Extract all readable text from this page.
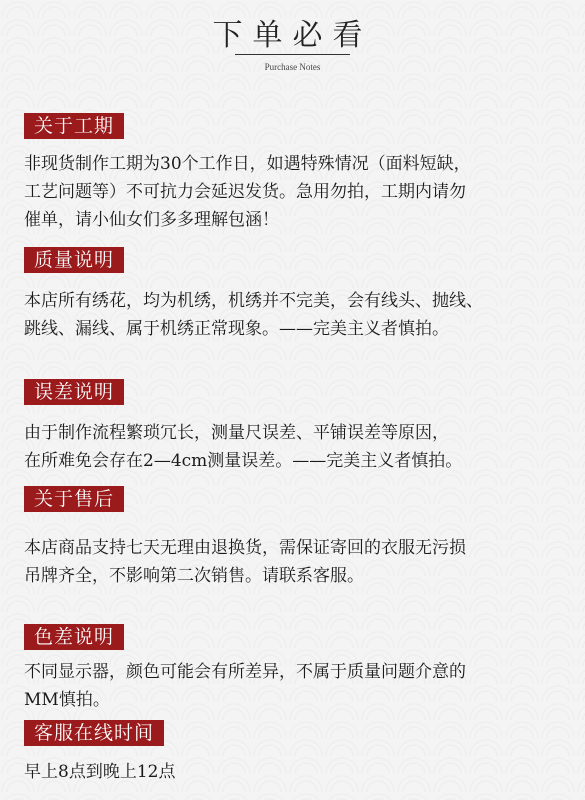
下单必看
Purchase Notes
关于工期
非现货制作工期为30个工作日，如遇特殊情况（面料短缺，
工艺问题等）不可抗力会延迟发货。急用勿拍，工期内请勿
催单，请小仙女们多多理解包涵！
质量说明
本店所有绣花，均为机绣，机绣并不完美，会有线头、抛线、
跳线、漏线、属于机绣正常现象。——完美主义者慎拍。
误差说明
由于制作流程繁琐冗长，测量尺误差、平铺误差等原因，
在所难免会存在2—4cm测量误差。——完美主义者慎拍。
关于售后
本店商品支持七天无理由退换货，需保证寄回的衣服无污损
吊牌齐全，不影响第二次销售。请联系客服。
色差说明
不同显示器，颜色可能会有所差异，不属于质量问题介意的
MM慎拍。
客服在线时间
早上8点到晚上12点
